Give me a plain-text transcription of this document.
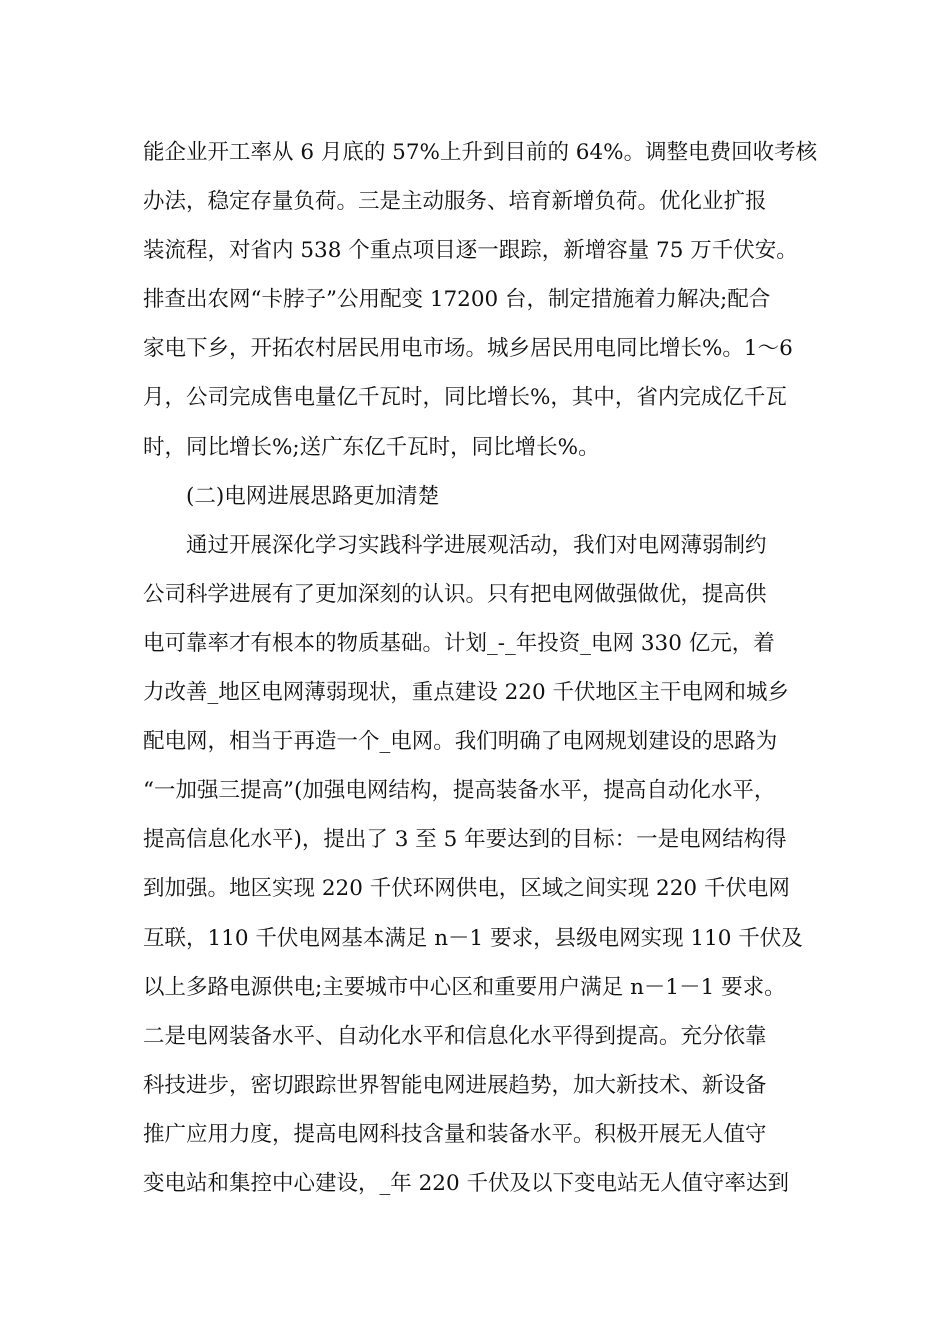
能企业开工率从 6 月底的 57%上升到目前的 64%。调整电费回收考核
办法，稳定存量负荷。三是主动服务、培育新增负荷。优化业扩报
装流程，对省内 538 个重点项目逐一跟踪，新增容量 75 万千伏安。
排查出农网“卡脖子”公用配变 17200 台，制定措施着力解决;配合
家电下乡，开拓农村居民用电市场。城乡居民用电同比增长%。1～6
月，公司完成售电量亿千瓦时，同比增长%，其中，省内完成亿千瓦
时，同比增长%;送广东亿千瓦时，同比增长%。
(二)电网进展思路更加清楚
通过开展深化学习实践科学进展观活动，我们对电网薄弱制约
公司科学进展有了更加深刻的认识。只有把电网做强做优，提高供
电可靠率才有根本的物质基础。计划_-_年投资_电网 330 亿元，着
力改善_地区电网薄弱现状，重点建设 220 千伏地区主干电网和城乡
配电网，相当于再造一个_电网。我们明确了电网规划建设的思路为
“一加强三提高”(加强电网结构，提高装备水平，提高自动化水平，
提高信息化水平)，提出了 3 至 5 年要达到的目标：一是电网结构得
到加强。地区实现 220 千伏环网供电，区域之间实现 220 千伏电网
互联，110 千伏电网基本满足 n－1 要求，县级电网实现 110 千伏及
以上多路电源供电;主要城市中心区和重要用户满足 n－1－1 要求。
二是电网装备水平、自动化水平和信息化水平得到提高。充分依靠
科技进步，密切跟踪世界智能电网进展趋势，加大新技术、新设备
推广应用力度，提高电网科技含量和装备水平。积极开展无人值守
变电站和集控中心建设，_年 220 千伏及以下变电站无人值守率达到
